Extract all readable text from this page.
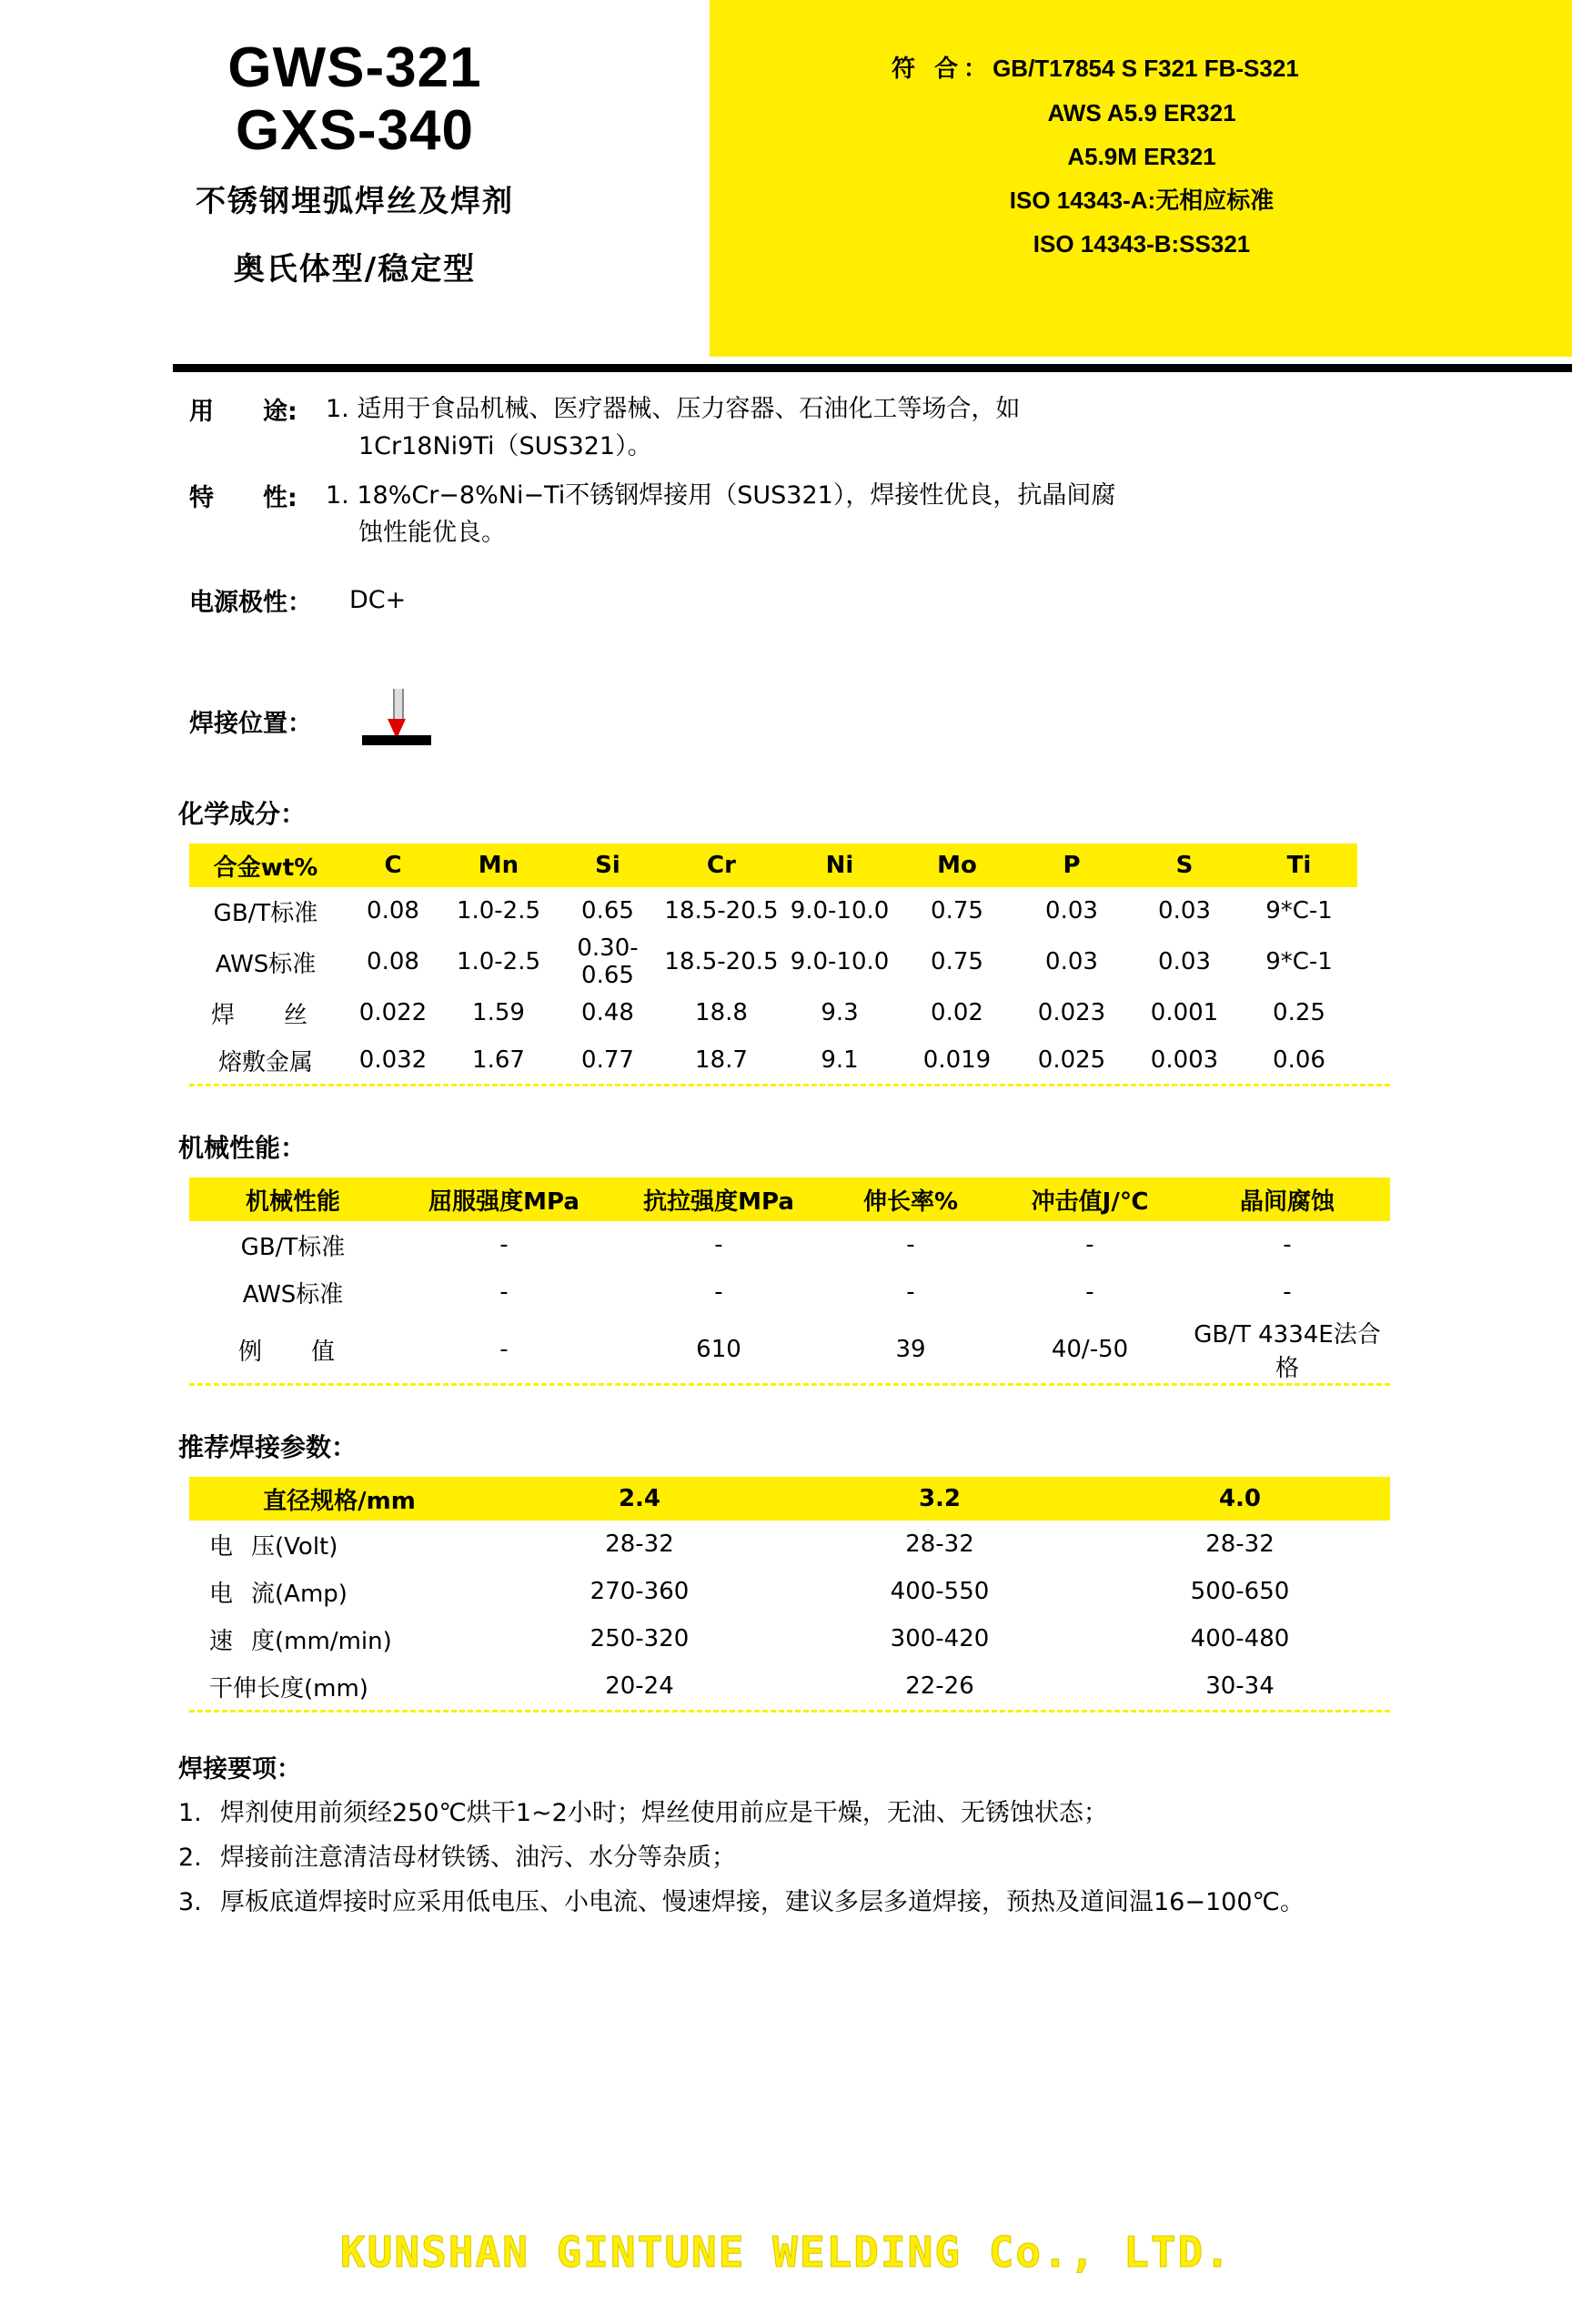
GWS-321
GXS-340
不锈钢埋弧焊丝及焊剂
奥氏体型/稳定型
符 合：GB/T17854 S F321 FB-S321
AWS A5.9 ER321
A5.9M ER321
ISO 14343-A:无相应标准
ISO 14343-B:SS321
用　　途:	1. 适用于食品机械、医疗器械、压力容器、石油化工等场合，如
1Cr18Ni9Ti（SUS321）。
特　　性:	1. 18%Cr−8%Ni−Ti不锈钢焊接用（SUS321），焊接性优良，抗晶间腐
蚀性能优良。
电源极性：	DC+
焊接位置：
化学成分：
合金wt%	C	Mn	Si	Cr	Ni	Mo	P	S	Ti
GB/T标准	0.08	1.0-2.5	0.65	18.5-20.5	9.0-10.0	0.75	0.03	0.03	9*C-1
AWS标准	0.08	1.0-2.5	0.30-0.65	18.5-20.5	9.0-10.0	0.75	0.03	0.03	9*C-1
焊　丝	0.022	1.59	0.48	18.8	9.3	0.02	0.023	0.001	0.25
熔敷金属	0.032	1.67	0.77	18.7	9.1	0.019	0.025	0.003	0.06
机械性能：
机械性能	屈服强度MPa	抗拉强度MPa	伸长率%	冲击值J/℃	晶间腐蚀
GB/T标准	-	-	-	-	-
AWS标准	-	-	-	-	-
例　值	-	610	39	40/-50	GB/T 4334E法合格
推荐焊接参数：
直径规格/mm	2.4	3.2	4.0
电压(Volt)	28-32	28-32	28-32
电流(Amp)	270-360	400-550	500-650
速度(mm/min)	250-320	300-420	400-480
干伸长度(mm)	20-24	22-26	30-34
焊接要项：
1. 焊剂使用前须经250℃烘干1~2小时；焊丝使用前应是干燥，无油、无锈蚀状态；
2. 焊接前注意清洁母材铁锈、油污、水分等杂质；
3. 厚板底道焊接时应采用低电压、小电流、慢速焊接，建议多层多道焊接，预热及道间温16−100℃。
KUNSHAN GINTUNE WELDING Co., LTD.
